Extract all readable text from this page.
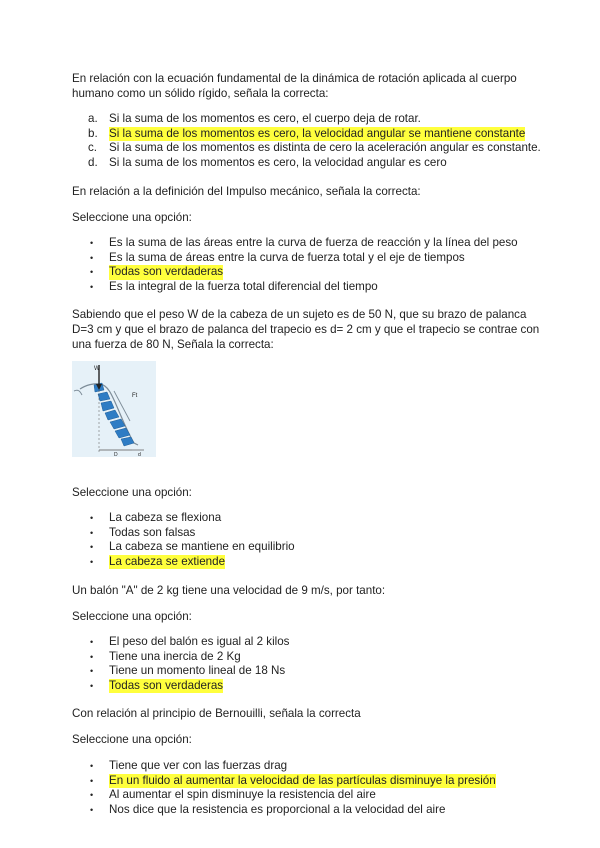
En relación con la ecuación fundamental de la dinámica de rotación aplicada al cuerpo humano como un sólido rígido, señala la correcta:

a. Si la suma de los momentos es cero, el cuerpo deja de rotar.
b. Si la suma de los momentos es cero, la velocidad angular se mantiene constante
c.	Si la suma de los momentos es distinta de cero la aceleración angular es constante.
d. Si la suma de los momentos es cero, la velocidad angular es cero

En relación a la definición del Impulso mecánico, señala la correcta:

Seleccione una opción:

• Es la suma de las áreas entre la curva de fuerza de reacción y la línea del peso
• Es la suma de áreas entre la curva de fuerza total y el eje de tiempos
• Todas son verdaderas
• Es la integral de la fuerza total diferencial del tiempo

Sabiendo que el peso W de la cabeza de un sujeto es de 50 N, que su brazo de palanca D=3 cm y que el brazo de palanca del trapecio es d= 2 cm y que el trapecio se contrae con una fuerza de 80 N, Señala la correcta:

W
Ft
D	d

Seleccione una opción:

• La cabeza se flexiona
• Todas son falsas
• La cabeza se mantiene en equilibrio
• La cabeza se extiende

Un balón "A" de 2 kg tiene una velocidad de 9 m/s, por tanto:

Seleccione una opción:

• El peso del balón es igual al 2 kilos
• Tiene una inercia de 2 Kg
• Tiene un momento lineal de 18 Ns
• Todas son verdaderas

Con relación al principio de Bernouilli, señala la correcta

Seleccione una opción:

• Tiene que ver con las fuerzas drag
• En un fluido al aumentar la velocidad de las partículas disminuye la presión
• Al aumentar el spin disminuye la resistencia del aire
• Nos dice que la resistencia es proporcional a la velocidad del aire
